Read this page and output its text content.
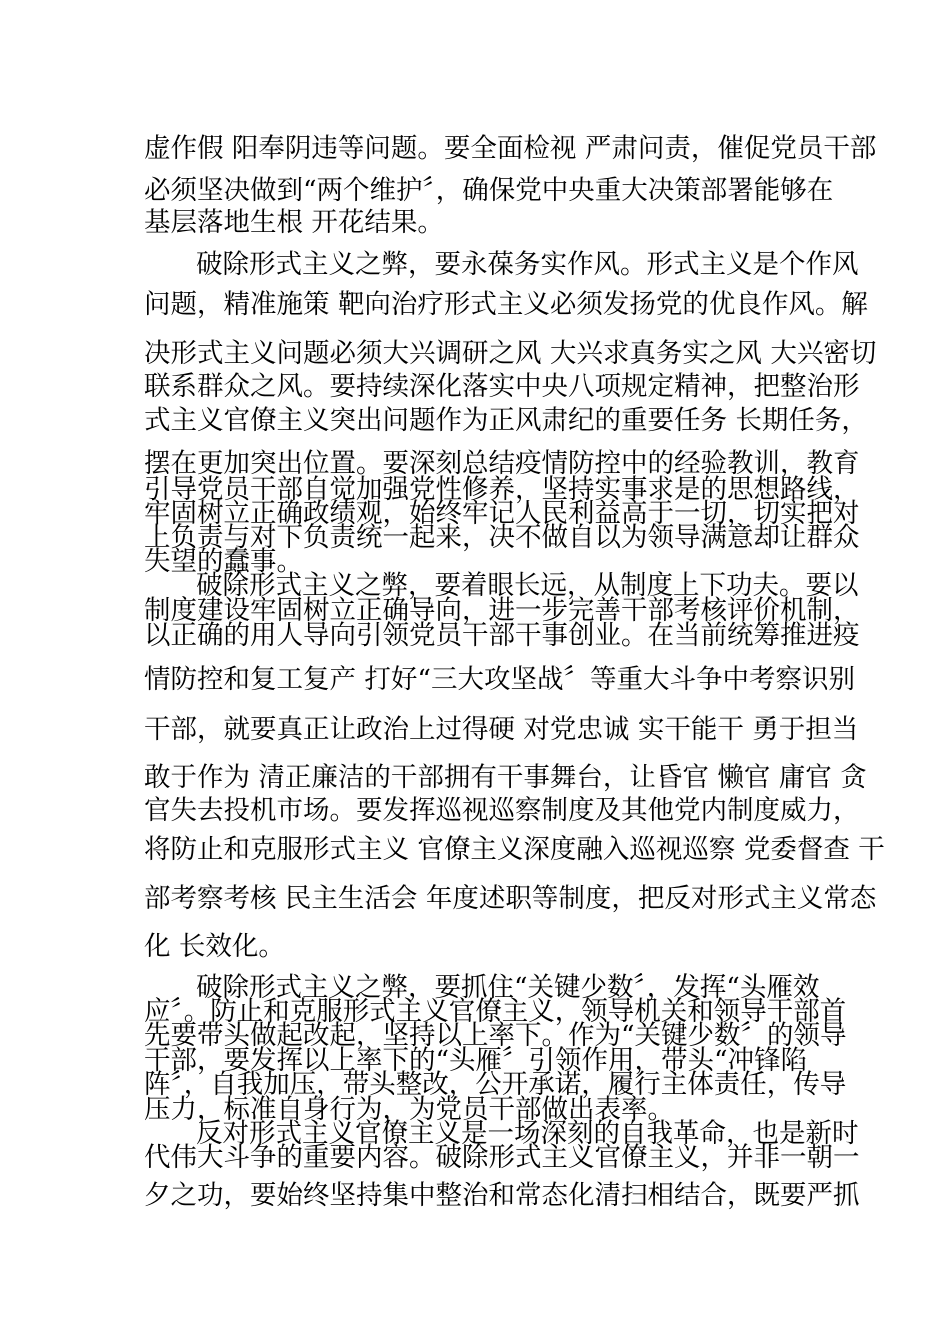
虚作假 阳奉阴违等问题。要全面检视 严肃问责，催促党员干部
必须坚决做到“两个维护〞，确保党中央重大决策部署能够在
基层落地生根 开花结果。
破除形式主义之弊，要永葆务实作风。形式主义是个作风
问题，精准施策 靶向治疗形式主义必须发扬党的优良作风。解
决形式主义问题必须大兴调研之风 大兴求真务实之风 大兴密切
联系群众之风。要持续深化落实中央八项规定精神，把整治形
式主义官僚主义突出问题作为正风肃纪的重要任务 长期任务，
摆在更加突出位置。要深刻总结疫情防控中的经验教训，教育
引导党员干部自觉加强党性修养，坚持实事求是的思想路线，
牢固树立正确政绩观，始终牢记人民利益高于一切，切实把对
上负责与对下负责统一起来，决不做自以为领导满意却让群众
失望的蠢事。
破除形式主义之弊，要着眼长远，从制度上下功夫。要以
制度建设牢固树立正确导向，进一步完善干部考核评价机制，
以正确的用人导向引领党员干部干事创业。在当前统筹推进疫
情防控和复工复产 打好“三大攻坚战〞等重大斗争中考察识别
干部，就要真正让政治上过得硬 对党忠诚 实干能干 勇于担当
敢于作为 清正廉洁的干部拥有干事舞台，让昏官 懒官 庸官 贪
官失去投机市场。要发挥巡视巡察制度及其他党内制度威力，
将防止和克服形式主义 官僚主义深度融入巡视巡察 党委督查 干
部考察考核 民主生活会 年度述职等制度，把反对形式主义常态
化 长效化。
破除形式主义之弊，要抓住“关键少数〞，发挥“头雁效
应〞。防止和克服形式主义官僚主义，领导机关和领导干部首
先要带头做起改起，坚持以上率下。作为“关键少数〞的领导
干部，要发挥以上率下的“头雁〞引领作用，带头“冲锋陷
阵〞，自我加压，带头整改，公开承诺，履行主体责任，传导
压力，标准自身行为，为党员干部做出表率。
反对形式主义官僚主义是一场深刻的自我革命，也是新时
代伟大斗争的重要内容。破除形式主义官僚主义，并非一朝一
夕之功，要始终坚持集中整治和常态化清扫相结合，既要严抓
